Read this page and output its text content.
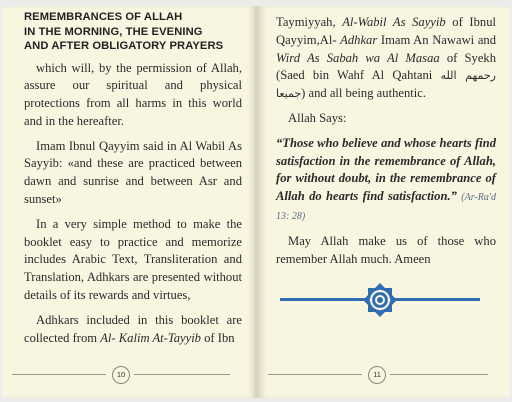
REMEMBRANCES OF ALLAH
IN THE MORNING, THE EVENING
AND AFTER OBLIGATORY PRAYERS

which will, by the permission of Allah, assure our spiritual and physical protections from all harms in this world and in the hereafter.

Imam Ibnul Qayyim said in Al Wabil As Sayyib: «and these are practiced between dawn and sunrise and between Asr and sunset»

In a very simple method to make the booklet easy to practice and memorize includes Arabic Text, Transliteration and Translation, Adhkars are presented without details of its rewards and virtues,

Adhkars included in this booklet are collected from Al- Kalim At-Tayyib of Ibn

10

Taymiyyah, Al-Wabil As Sayyib of Ibnul Qayyim,Al- Adhkar Imam An Nawawi and Wird As Sabah wa Al Masaa of Syekh (Saed bin Wahf Al Qahtani رحمهم الله جميعا) and all being authentic.

Allah Says:

“Those who believe and whose hearts find satisfaction in the remembrance of Allah, for without doubt, in the remembrance of Allah do hearts find satisfaction.” (Ar-Ra'd 13: 28)

May Allah make us of those who remember Allah much. Ameen

11
